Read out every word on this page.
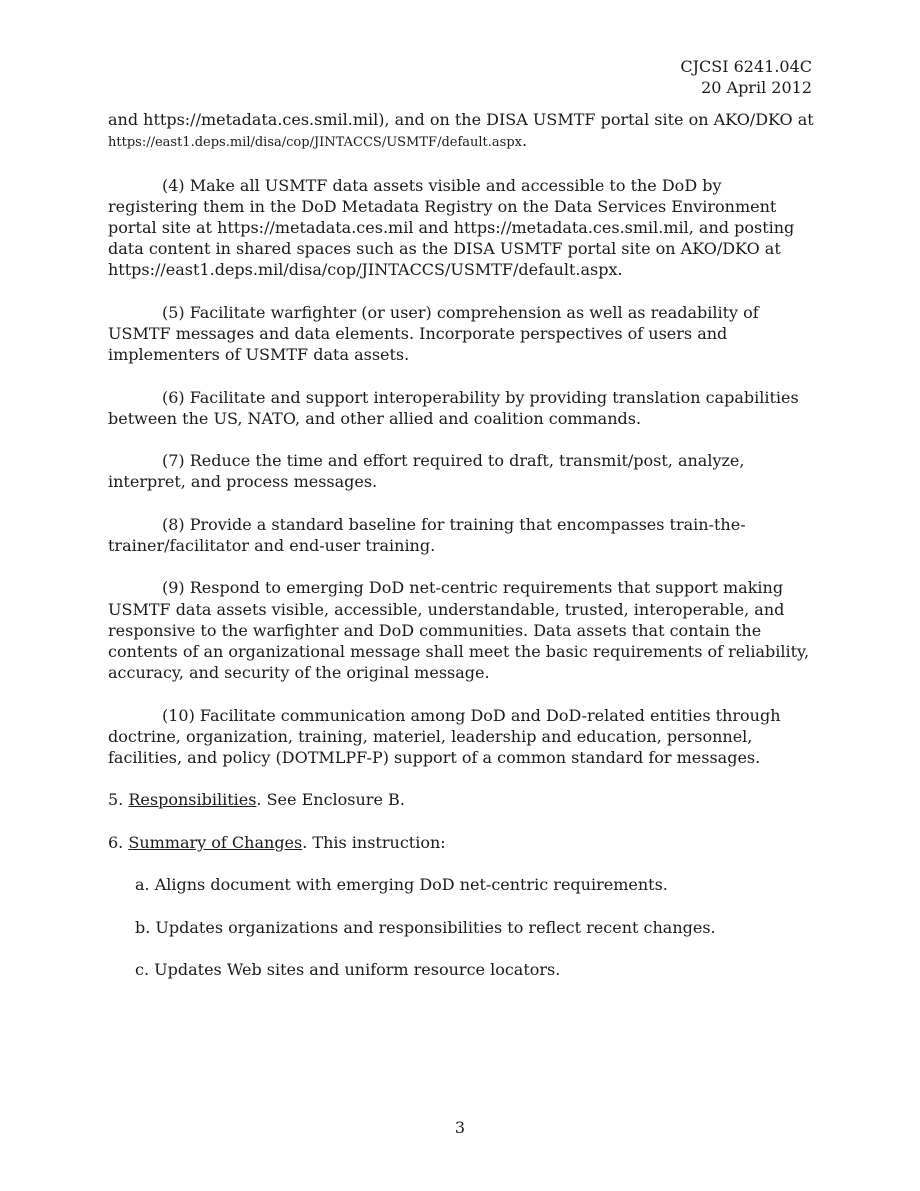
CJCSI 6241.04C
20 April 2012

and https://metadata.ces.smil.mil), and on the DISA USMTF portal site on AKO/DKO at https://east1.deps.mil/disa/cop/JINTACCS/USMTF/default.aspx.

(4) Make all USMTF data assets visible and accessible to the DoD by registering them in the DoD Metadata Registry on the Data Services Environment portal site at https://metadata.ces.mil and https://metadata.ces.smil.mil, and posting data content in shared spaces such as the DISA USMTF portal site on AKO/DKO at https://east1.deps.mil/disa/cop/JINTACCS/USMTF/default.aspx.

(5) Facilitate warfighter (or user) comprehension as well as readability of USMTF messages and data elements. Incorporate perspectives of users and implementers of USMTF data assets.

(6) Facilitate and support interoperability by providing translation capabilities between the US, NATO, and other allied and coalition commands.

(7) Reduce the time and effort required to draft, transmit/post, analyze, interpret, and process messages.

(8) Provide a standard baseline for training that encompasses train-the-trainer/facilitator and end-user training.

(9) Respond to emerging DoD net-centric requirements that support making USMTF data assets visible, accessible, understandable, trusted, interoperable, and responsive to the warfighter and DoD communities. Data assets that contain the contents of an organizational message shall meet the basic requirements of reliability, accuracy, and security of the original message.

(10) Facilitate communication among DoD and DoD-related entities through doctrine, organization, training, materiel, leadership and education, personnel, facilities, and policy (DOTMLPF-P) support of a common standard for messages.

5. Responsibilities. See Enclosure B.

6. Summary of Changes. This instruction:

a. Aligns document with emerging DoD net-centric requirements.

b. Updates organizations and responsibilities to reflect recent changes.

c. Updates Web sites and uniform resource locators.

3
